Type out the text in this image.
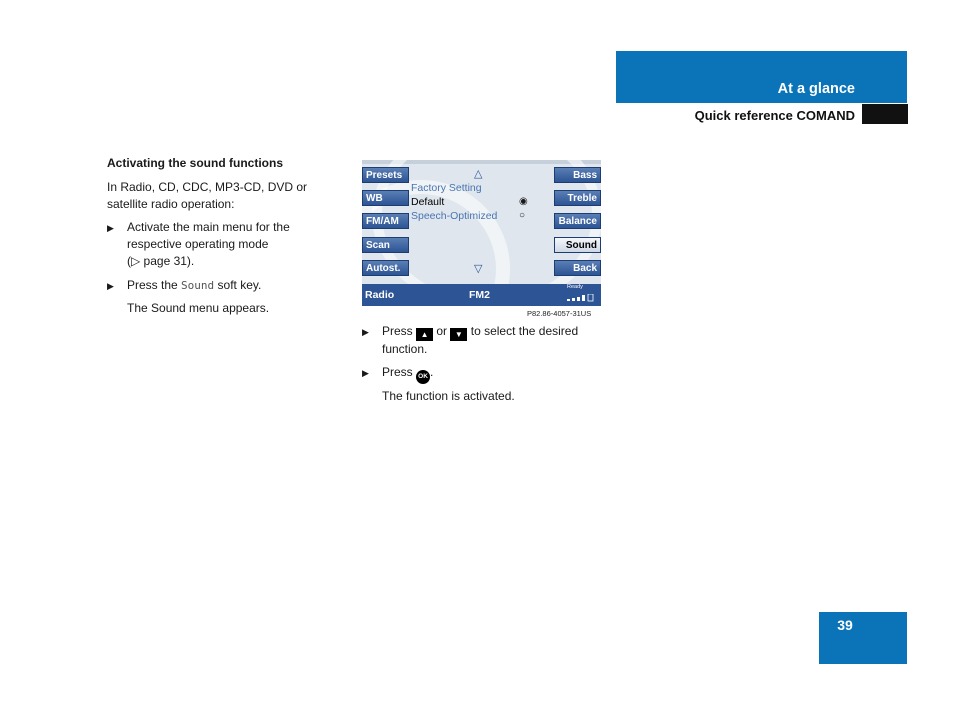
At a glance
Quick reference COMAND
Activating the sound functions
In Radio, CD, CDC, MP3-CD, DVD or satellite radio operation:
▶ Activate the main menu for the
respective operating mode
(▷ page 31).
▶ Press the Sound soft key.
The Sound menu appears.
Presets
WB
FM/AM
Scan
Autost.
Bass
Treble
Balance
Sound
Back
△
Factory Setting
Default	◉
Speech-Optimized ○
▽
Radio	FM2
Ready
P82.86-4057-31US
▶ Press ▲ or ▼ to select the desired
function.
▶ Press OK .
The function is activated.
39
